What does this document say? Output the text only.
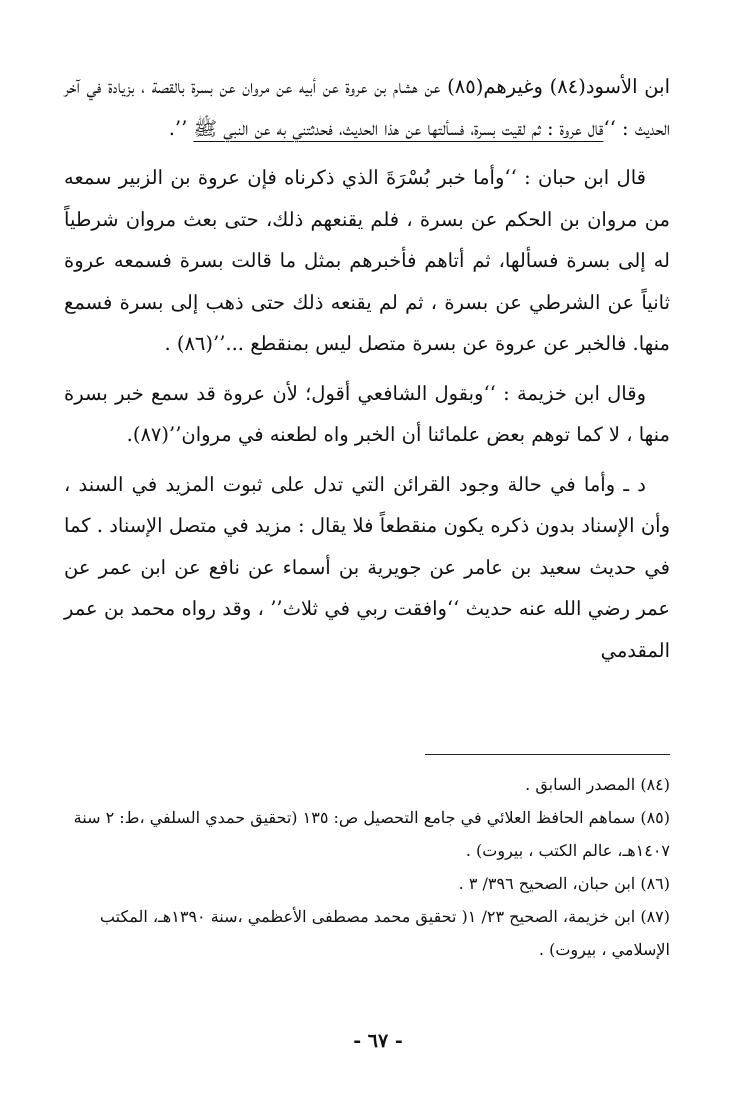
ابن الأسود(٨٤) وغيرهم(٨٥) عن هشام بن عروة عن أبيه عن مروان عن بسرة بالقصة ، بزيادة في آخر الحديث : ‘‘قال عروة : ثم لقيت بسرة، فسألتها عن هذا الحديث، فحدثتني به عن النبي ﷺ ’’.

قال ابن حبان : ‘‘وأما خبر بُسْرَةَ الذي ذكرناه فإن عروة بن الزبير سمعه من مروان بن الحكم عن بسرة ، فلم يقنعهم ذلك، حتى بعث مروان شرطياً له إلى بسرة فسألها، ثم أتاهم فأخبرهم بمثل ما قالت بسرة فسمعه عروة ثانياً عن الشرطي عن بسرة ، ثم لم يقنعه ذلك حتى ذهب إلى بسرة فسمع منها. فالخبر عن عروة عن بسرة متصل ليس بمنقطع ...’’(٨٦) .

وقال ابن خزيمة : ‘‘وبقول الشافعي أقول؛ لأن عروة قد سمع خبر بسرة منها ، لا كما توهم بعض علمائنا أن الخبر واه لطعنه في مروان’’(٨٧).

د ـ وأما في حالة وجود القرائن التي تدل على ثبوت المزيد في السند ، وأن الإسناد بدون ذكره يكون منقطعاً فلا يقال : مزيد في متصل الإسناد . كما في حديث سعيد بن عامر عن جويرية بن أسماء عن نافع عن ابن عمر عن عمر رضي الله عنه حديث ‘‘وافقت ربي في ثلاث’’ ، وقد رواه محمد بن عمر المقدمي

(٨٤) المصدر السابق .

(٨٥) سماهم الحافظ العلائي في جامع التحصيل ص: ١٣٥ (تحقيق حمدي السلفي ،ط: ٢ سنة ١٤٠٧هـ، عالم الكتب ، بيروت) .

(٨٦) ابن حبان، الصحيح ٣٩٦/ ٣ .

(٨٧) ابن خزيمة، الصحيح ٢٣/ ١( تحقيق محمد مصطفى الأعظمي ،سنة ١٣٩٠هـ، المكتب الإسلامي ، بيروت) .

- ٦٧ -
